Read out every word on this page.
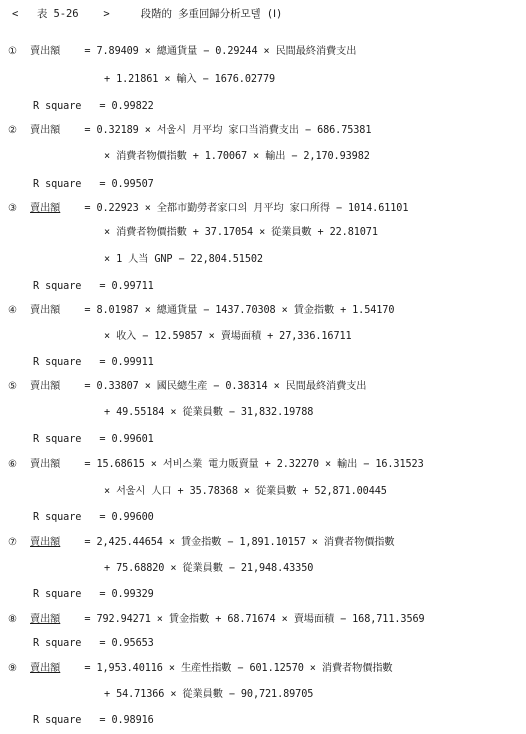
< 表 5-26 >	段階的 多重回歸分析모델 (Ⅰ)
① 賣出額 = 7.89409 × 總通貨量 − 0.29244 × 民間最終消費支出
+ 1.21861 × 輸入 − 1676.02779
R square = 0.99822
② 賣出額 = 0.32189 × 서울시 月平均 家口当消費支出 − 686.75381
× 消費者物價指數 + 1.70067 × 輸出 − 2,170.93982
R square = 0.99507
③ 賣出額 = 0.22923 × 全都市勤勞者家口의 月平均 家口所得 − 1014.61101
× 消費者物價指數 + 37.17054 × 從業員數 + 22.81071
× 1 人当 GNP − 22,804.51502
R square = 0.99711
④ 賣出額 = 8.01987 × 總通貨量 − 1437.70308 × 賃金指數 + 1.54170
× 收入 − 12.59857 × 賣場面積 + 27,336.16711
R square = 0.99911
⑤ 賣出額 = 0.33807 × 國民總生産 − 0.38314 × 民間最終消費支出
+ 49.55184 × 從業員數 − 31,832.19788
R square = 0.99601
⑥ 賣出額 = 15.68615 × 서비스業 電力販賣量 + 2.32270 × 輸出 − 16.31523
× 서울시 人口 + 35.78368 × 從業員數 + 52,871.00445
R square = 0.99600
⑦ 賣出額 = 2,425.44654 × 賃金指數 − 1,891.10157 × 消費者物價指數
+ 75.68820 × 從業員數 − 21,948.43350
R square = 0.99329
⑧ 賣出額 = 792.94271 × 賃金指數 + 68.71674 × 賣場面積 − 168,711.3569
R square = 0.95653
⑨ 賣出額 = 1,953.40116 × 生産性指數 − 601.12570 × 消費者物價指數
+ 54.71366 × 從業員數 − 90,721.89705
R square = 0.98916
